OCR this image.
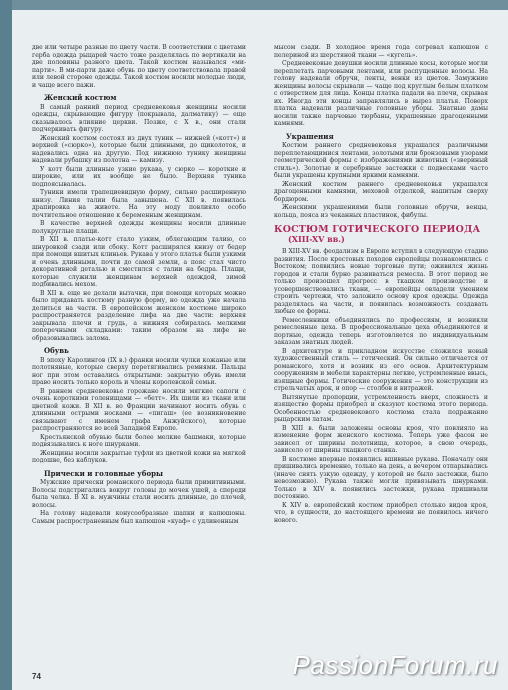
две или четыре разные по цвету части. В соответствии с цветами герба одежда рыцарей часто тоже разделялась по вертикали на две половины разного цвета. Такой костюм назывался «ми-парти». В ми-парти даже обувь по цвету соответствовала правой или левой стороне одежды. Такой костюм носили молодые люди, и чаще всего пажи.

Женский костюм

В самый ранний период средневековья женщины носили одежды, скрывающие фигуру (покрывала, далматику) — еще сказывалось влияние церкви. Позже, с X в., они стали подчеркивать фигуру.

Женский костюм состоял из двух туник — нижней («котт») и верхней («сюрко»), которые были длинными, до щиколоток, и надевались одна на другую. Под нижнюю тунику женщины надевали рубашку из полотна — камизу.

У котт были длинные узкие рукава, у сюрко — короткие и широкие, или их вообще не было. Верхняя туника подпоясывалась.

Туники имели трапециевидную форму, сильно расширенную книзу. Линия талии была завышена. С XII в. появилась драпировка на животе. На эту моду повлияло особо почтительное отношение к беременным женщинам.

В качестве верхней одежды женщины носили длинные полукруглые плащи.

В XII в. платье-котт стало узким, облегающим талию, со шнуровкой сзади или сбоку. Котт расширялся книзу от бедер при помощи вшитых клиньев. Рукава у этого платья были узкими и очень длинными, почти до самой земли, а пояс стал чисто декоративной деталью и сместился с талии на бедра. Плащи, которые служили женщинам верхней одеждой, зимой подбивались мехом.

В XII в. еще не делали вытачки, при помощи которых можно было придавать костюму разную форму, но одежда уже начала делиться на части. В европейском женском костюме широко распространяется разделение лифа на две части: верхняя закрывала плечи и грудь, а нижняя собиралась мелкими поперечными складками: таким образом на лифе не образовывались залома.

Обувь

В эпоху Каролингов (IX в.) франки носили чулки кожаные или полотняные, которые сверху перетягивались ремнями. Пальцы ног при этом оставались открытыми: закрытую обувь имели право носить только король и члены королевской семьи.

В раннем средневековье горожане носили мягкие сапоги с очень короткими голенищами — «бетт». Их шили из ткани или цветной кожи. В XII в. во Франции начинают носить обувь с длинными острыми носками — «пигаш» (ее возникновение связывают с именем графа Анжуйского), которые распространяются во всей Западной Европе.

Крестьянской обувью были более мелкие башмаки, которые подвязывались к ноге шнурками.

Женщины носили закрытые туфли из цветной кожи на мягкой подошве, без каблуков.

Прически и головные уборы

Мужские прически романского периода были примитивными. Волосы подстригались вокруг головы до мочек ушей, а спереди была челка. В XI в. мужчины стали носить длинные, до плечей, волосы.

На голову надевали конусообразные шапки и капюшоны. Самым распространенным был капюшон «куаф» с удлиненным

мысом сзади. В холодное время года согревал капюшон с пелериной из шерстяной ткани — «кугель».

Средневековые девушки носили длинные косы, которые могли переплетать парчовыми лентами, или распущенные волосы. На голову надевали обручи, ленты, венки из цветов. Замужние женщины волосы скрывали — чаще под круглым белым платком с отверстием для лица. Концы платка падали на плечи, скрывая их. Иногда эти концы заправлялись в вырез платья. Поверх платка надевали различные головные уборы. Знатные дамы носили также парчовые тюрбаны, украшенные драгоценными камнями.

Украшения

Костюм раннего средневековья украшался различными переплетающимися лентами, золотыми или бронзовыми узорами геометрической формы с изображениями животных («звериный стиль»). Золотые и серебряные застежки с подвесками часто были украшены крупными яркими камнями.

Женский костюм раннего средневековья украшался драгоценными камнями, меховой отделкой, нашитым сверху бордюром.

Женскими украшениями были головные обручи, венцы, кольца, пояса из чеканных пластинок, фибулы.

КОСТЮМ ГОТИЧЕСКОГО ПЕРИОДА
(XIII-XV вв.)

В XIII-XV вв. феодализм в Европе вступил в следующую стадию развития. После крестовых походов европейцы познакомились с Востоком; появились новые торговые пути; оживился жизнь городов и стали бурно развиваться ремесла. В этот период не только произошел прогресс в ткацком производстве и усовершенствовались ткани, — европейцы овладели умением строить чертежи, что заложило основу кроя одежды. Одежда разделялась на части, и появилась возможность создавать любые ее формы.

Ремесленники объединялись по профессиям, и возникли ремесленные цеха. В профессиональные цеха объединяются и портные, одежда теперь изготовляется по индивидуальным заказам знатных людей.

В архитектуре и прикладном искусстве сложился новый художественный стиль — готический. Он сильно отличается от романского, хотя и возник из его основ. Архитектурным сооружениям и мебели характерны легкие, устремленные ввысь, изящные формы. Готические сооружения — это конструкции из стрельчатых арок, и опор — столбов и витражей.

Вытянутые пропорции, устремленность вверх, сложность и изящество формы приобрел и сказуют костюма этого периода. Особенностью средневекового костюма стала подражание рыцарским латам.

В XIII в. были заложены основы кроя, что повлияло на изменение форм женского костюма. Теперь уже фасон не зависел от ширины полотнища, которое, в свою очередь, зависело от ширины ткацкого станка.

В костюме впервые появились вшивные рукава. Поначалу они пришивались временно, только на день, а вечером отпарывались (иначе снять узкую одежду, у которой не было застежки, было невозможно). Рукава также могли привязывать шнурками. Только в XIV в. появились застежки, рукава пришивали постоянно.

К XIV в. европейский костюм приобрел столько видов кроя, что, в сущности, до настоящего времени не появилось ничего нового.

74	PassionForum.ru
